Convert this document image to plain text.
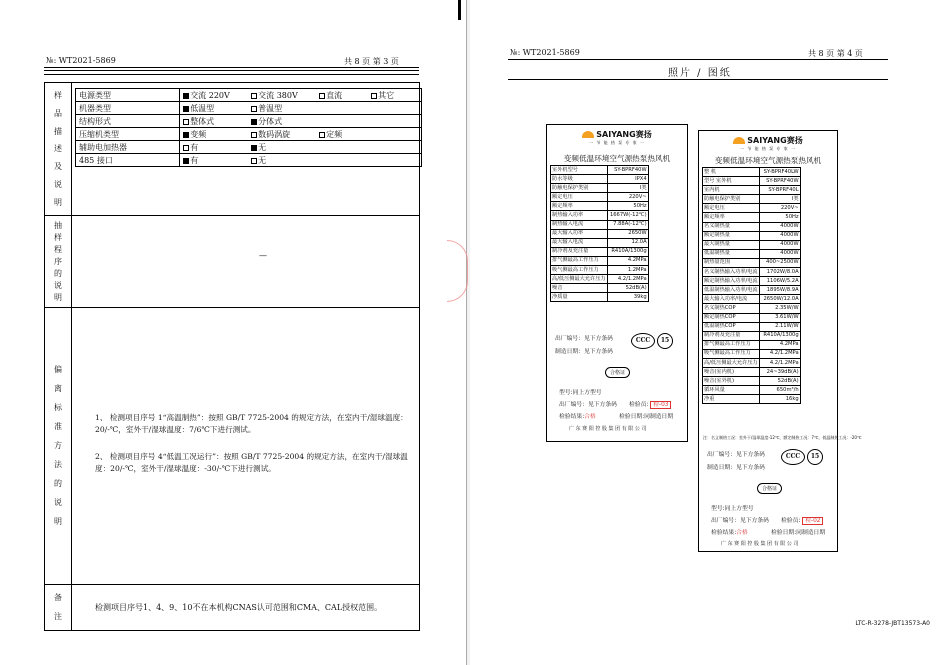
№: WT2021-5869	共 8 页 第 3 页
样
品
描
述
及
说
明
电源类型	交流 220V	交流 380V	直流	其它
机器类型	低温型	普温型		
结构形式	整体式	分体式		
压缩机类型	变频	数码涡旋	定频	
辅助电加热器	有	无		
485 接口	有	无		
抽
样
程
序
的
说
明
—
偏
离
标
准
方
法
的
说
明
1、 检测项目序号 1“高温制热”：按照 GB/T 7725-2004 的规定方法，在室内干/湿球温度：20/-℃，室外干/湿球温度：7/6℃下进行测试。
2、 检测项目序号 4“低温工况运行”：按照 GB/T 7725-2004 的规定方法，在室内干/湿球温度：20/-℃，室外干/湿球温度：-30/-℃下进行测试。
备
注
检测项目序号1、4、9、10不在本机构CNAS认可范围和CMA、CAL授权范围。
№: WT2021-5869	共 8 页 第 4 页
照片 / 图纸
SAIYANG赛扬
一 节 能 热 泵 专 家 一
变频低温环境空气源热泵热风机
室外机型号	SY-BPRF40W
防水等级	IPX4
防触电保护类别	Ⅰ类
额定电压	220V~
额定频率	50Hz
制热输入功率	1667W(-12℃)
制热输入电流	7.88A(-12℃)
最大输入功率	2650W
最大输入电流	12.0A
制冷剂及充注量	R410A/1300g
排气侧最高工作压力	4.2MPa
吸气侧最高工作压力	1.2MPa
高/低压侧最大允许压力	4.2/1.2MPa
噪音	52dB(A)
净质量	39kg
出厂编号：见下方条码
制造日期：见下方条码
CCC	15
合格证
型号:同上方型号
出厂编号：见下方条码 检验员: 检-03
检验结果:合格	检验日期:同制造日期
广 东 赛 阳 控 股 集 团 有 限 公 司
SAIYANG赛扬
一 节 能 热 泵 专 家 一
变频低温环境空气源热泵热风机
整 机	SY-BPRF40LW
型号 室外机	SY-BPRF40W
室内机	SY-BPRF40L
防触电保护类别	Ⅰ类
额定电压	220V~
额定频率	50Hz
名义制热量	4000W
额定制热量	4000W
最大制热量	4000W
低温制热量	4000W
制热量范围	400~2500W
名义制热输入功率/电流	1702W/8.0A
额定制热输入功率/电流	1106W/5.2A
低温制热输入功率/电流	1895W/8.9A
最大输入功率/电流	2650W/12.0A
名义制热COP	2.35W/W
额定制热COP	3.61W/W
低温制热COP	2.11W/W
制冷剂及充注量	R410A/1300g
排气侧最高工作压力	4.2MPa
吸气侧最高工作压力	4.2/1.2MPa
高/低压侧最大允许压力	4.2/1.2MPa
噪音(室内机)	24~39dB(A)
噪音(室外机)	52dB(A)
循环风量	650m³/h
净重	16kg
注：名义制热工况：室外干/湿球温度-12℃，额定制热工况：7℃，低温制热工况：-20℃
出厂编号：见下方条码
制造日期：见下方条码
CCC	15
合格证
型号:同上方型号
出厂编号：见下方条码 检验员: 检-02
检验结果:合格	检验日期:同制造日期
广 东 赛 阳 控 股 集 团 有 限 公 司
LTC-R-3278-JBT13573-A0
